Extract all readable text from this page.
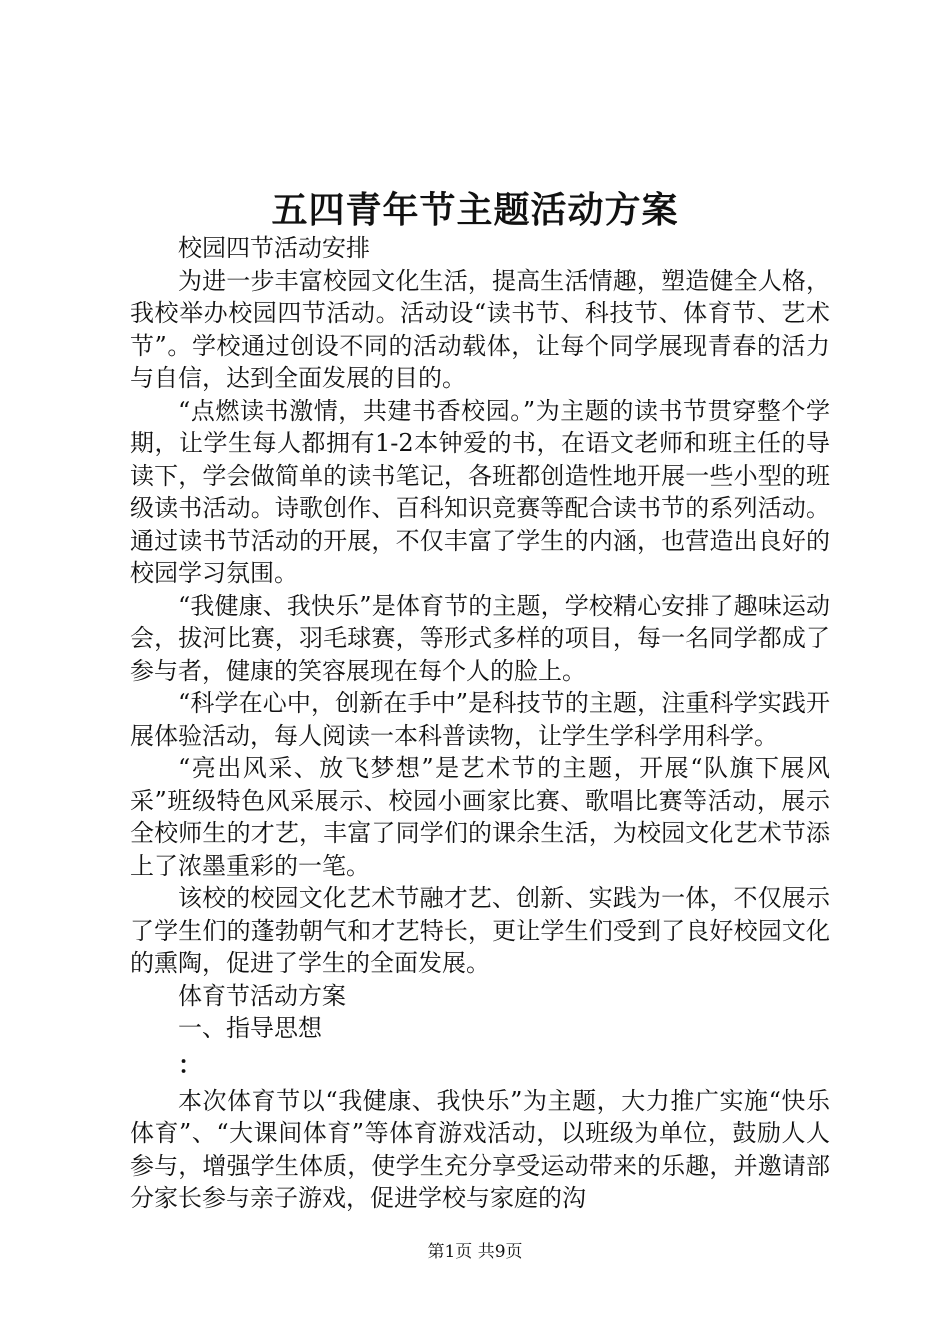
五四青年节主题活动方案

校园四节活动安排

为进一步丰富校园文化生活，提高生活情趣，塑造健全人格，我校举办校园四节活动。活动设“读书节、科技节、体育节、艺术节”。学校通过创设不同的活动载体，让每个同学展现青春的活力与自信，达到全面发展的目的。

“点燃读书激情，共建书香校园。”为主题的读书节贯穿整个学期，让学生每人都拥有1-2本钟爱的书，在语文老师和班主任的导读下，学会做简单的读书笔记，各班都创造性地开展一些小型的班级读书活动。诗歌创作、百科知识竞赛等配合读书节的系列活动。通过读书节活动的开展，不仅丰富了学生的内涵，也营造出良好的校园学习氛围。

“我健康、我快乐”是体育节的主题，学校精心安排了趣味运动会，拔河比赛，羽毛球赛，等形式多样的项目，每一名同学都成了参与者，健康的笑容展现在每个人的脸上。

“科学在心中，创新在手中”是科技节的主题，注重科学实践开展体验活动，每人阅读一本科普读物，让学生学科学用科学。

“亮出风采、放飞梦想”是艺术节的主题，开展“队旗下展风采”班级特色风采展示、校园小画家比赛、歌唱比赛等活动，展示全校师生的才艺，丰富了同学们的课余生活，为校园文化艺术节添上了浓墨重彩的一笔。

该校的校园文化艺术节融才艺、创新、实践为一体，不仅展示了学生们的蓬勃朝气和才艺特长，更让学生们受到了良好校园文化的熏陶，促进了学生的全面发展。

体育节活动方案

一、指导思想

：

本次体育节以“我健康、我快乐”为主题，大力推广实施“快乐体育”、“大课间体育”等体育游戏活动，以班级为单位，鼓励人人参与，增强学生体质，使学生充分享受运动带来的乐趣，并邀请部分家长参与亲子游戏，促进学校与家庭的沟

第1页 共9页
